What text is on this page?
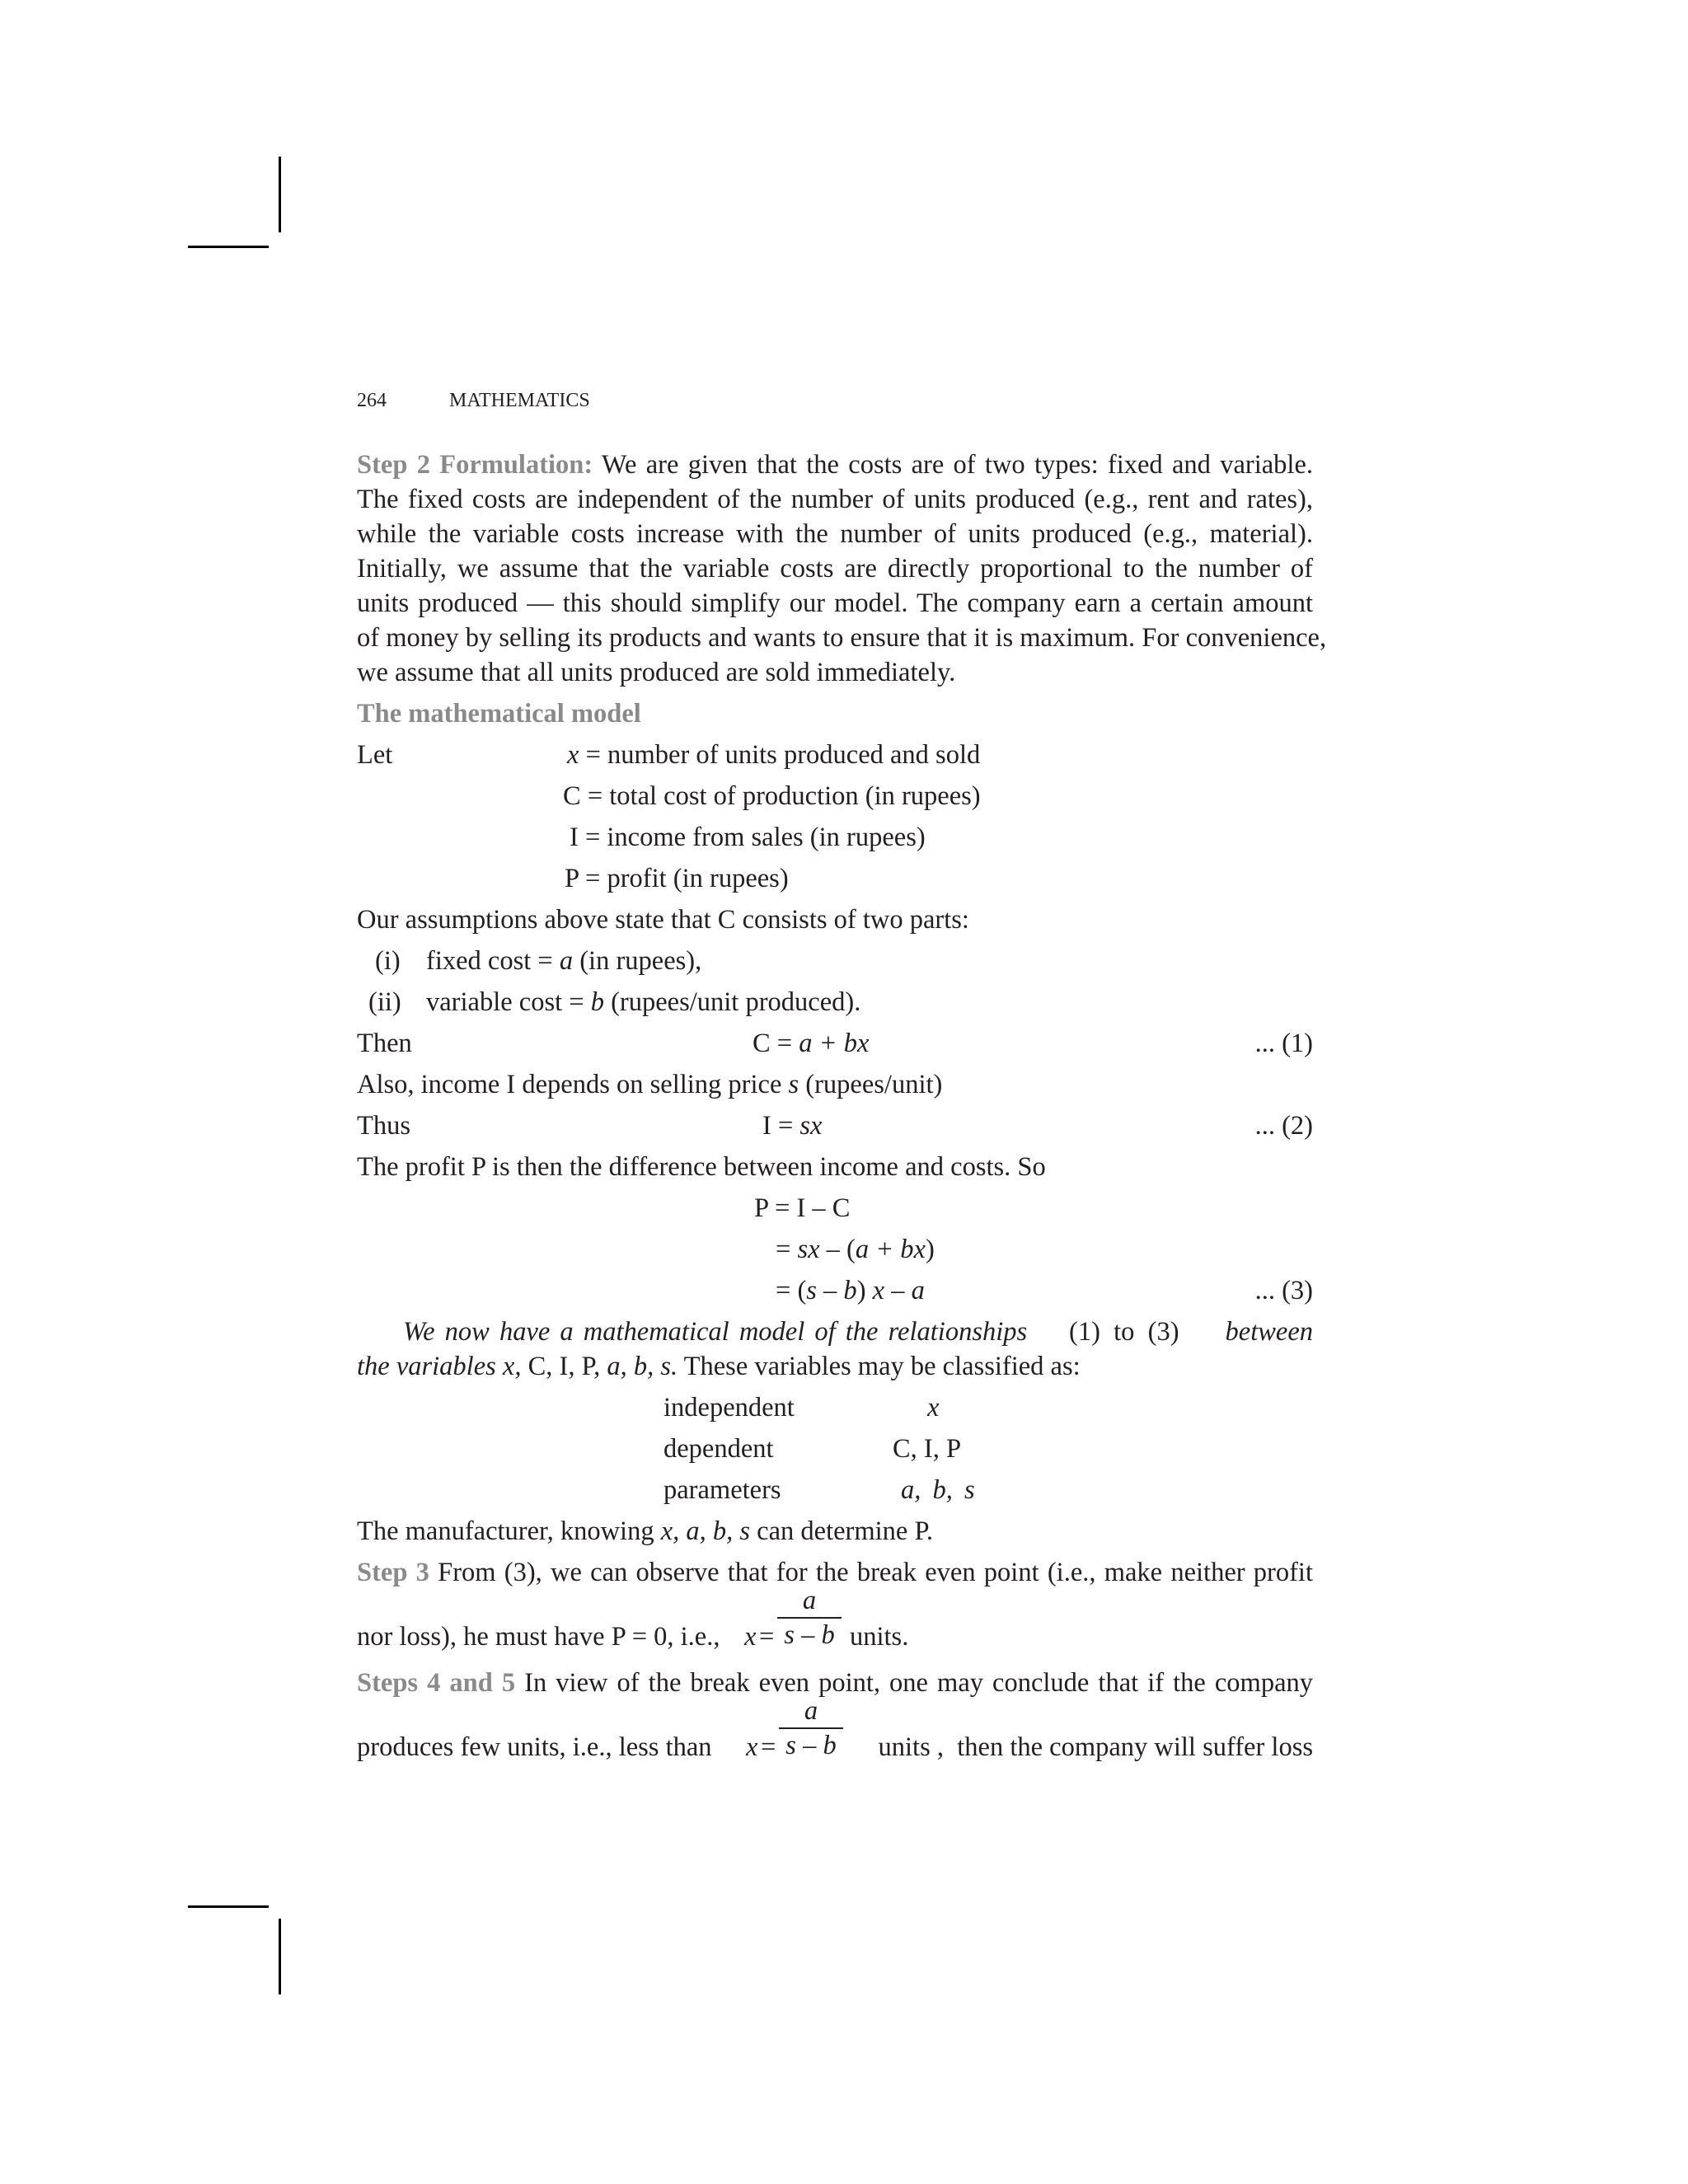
264	MATHEMATICS
Step 2 Formulation: We are given that the costs are of two types: fixed and variable.
The fixed costs are independent of the number of units produced (e.g., rent and rates),
while the variable costs increase with the number of units produced (e.g., material).
Initially, we assume that the variable costs are directly proportional to the number of
units produced — this should simplify our model. The company earn a certain amount
of money by selling its products and wants to ensure that it is maximum. For convenience,
we assume that all units produced are sold immediately.
The mathematical model
Let	x = number of units produced and sold
C = total cost of production (in rupees)
I = income from sales (in rupees)
P = profit (in rupees)
Our assumptions above state that C consists of two parts:
(i) fixed cost = a (in rupees),
(ii) variable cost = b (rupees/unit produced).
Then	C = a + bx	... (1)
Also, income I depends on selling price s (rupees/unit)
Thus	I = sx	... (2)
The profit P is then the difference between income and costs. So
P = I – C
= sx – (a + bx)
= (s – b) x – a	... (3)
We now have a mathematical model of the relationships (1)  to  (3) between
the variables x, C, I, P, a, b, s. These variables may be classified as:
independent	x
dependent	C, I, P
parameters	a, b, s
The manufacturer, knowing x, a, b, s can determine P.
Step 3 From (3), we can observe that for the break even point (i.e., make neither profit
nor loss), he must have P = 0, i.e., x =
a
s – b units.
Steps 4 and 5 In view of the break even point, one may conclude that if the company
produces few units, i.e., less than x =
a
s – b units ,  then the company will suffer loss
